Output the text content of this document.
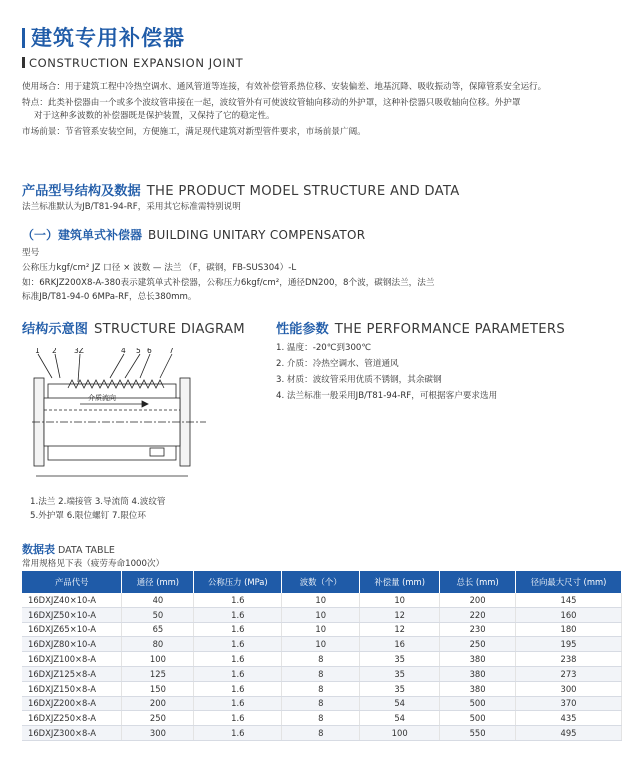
建筑专用补偿器
CONSTRUCTION EXPANSION JOINT
使用场合：用于建筑工程中冷热空调水、通风管道等连接，有效补偿管系热位移、安装偏差、地基沉降、吸收振动等，保障管系安全运行。
特点：此类补偿器由一个或多个波纹管串接在一起，波纹管外有可使波纹管轴向移动的外护罩，这种补偿器只吸收轴向位移。外护罩
对于这种多波数的补偿器既是保护装置，又保持了它的稳定性。
市场前景：节省管系安装空间，方便施工，满足现代建筑对新型管件要求，市场前景广阔。
产品型号结构及数据 THE PRODUCT MODEL STRUCTURE AND DATA
法兰标准默认为JB/T81-94-RF，采用其它标准需特别说明
（一）建筑单式补偿器 BUILDING UNITARY COMPENSATOR
型号
公称压力kgf/cm² JZ 口径 × 波数 — 法兰 （F，碳钢，FB-SUS304）-L
如：6RKJZ200X8-A-380表示建筑单式补偿器，公称压力6kgf/cm²，通径DN200，8个波，碳钢法兰，法兰
标准JB/T81-94-0 6MPa-RF，总长380mm。
结构示意图 STRUCTURE DIAGRAM
1 2 3Z	4 5 6 7
介质流向
1.法兰 2.端接管 3.导流筒 4.波纹管
5.外护罩 6.限位螺钉 7.限位环
性能参数 THE PERFORMANCE PARAMETERS
1. 温度：-20℃到300℃
2. 介质：冷热空调水、管道通风
3. 材质：波纹管采用优质不锈钢，其余碳钢
4. 法兰标准一般采用JB/T81-94-RF，可根据客户要求选用
数据表 DATA TABLE
常用规格见下表（疲劳寿命1000次）
产品代号	通径 (mm)	公称压力 (MPa)	波数（个）	补偿量 (mm)	总长 (mm)	径向最大尺寸 (mm)
16DXJZ40×10-A	40	1.6	10	10	200	145
16DXJZ50×10-A	50	1.6	10	12	220	160
16DXJZ65×10-A	65	1.6	10	12	230	180
16DXJZ80×10-A	80	1.6	10	16	250	195
16DXJZ100×8-A	100	1.6	8	35	380	238
16DXJZ125×8-A	125	1.6	8	35	380	273
16DXJZ150×8-A	150	1.6	8	35	380	300
16DXJZ200×8-A	200	1.6	8	54	500	370
16DXJZ250×8-A	250	1.6	8	54	500	435
16DXJZ300×8-A	300	1.6	8	100	550	495
